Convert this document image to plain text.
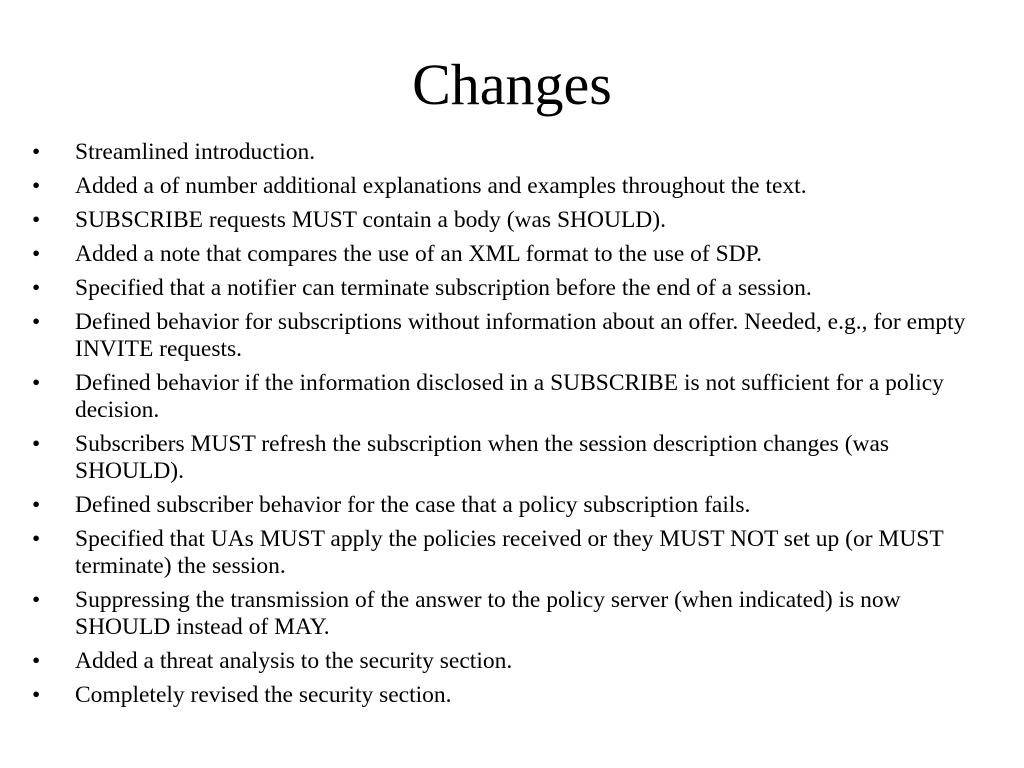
Changes
• Streamlined introduction.
• Added a of number additional explanations and examples throughout the text.
• SUBSCRIBE requests MUST contain a body (was SHOULD).
• Added a note that compares the use of an XML format to the use of SDP.
• Specified that a notifier can terminate subscription before the end of a session.
• Defined behavior for subscriptions without information about an offer. Needed, e.g., for empty INVITE requests.
• Defined behavior if the information disclosed in a SUBSCRIBE is not sufficient for a policy decision.
• Subscribers MUST refresh the subscription when the session description changes (was SHOULD).
• Defined subscriber behavior for the case that a policy subscription fails.
• Specified that UAs MUST apply the policies received or they MUST NOT set up (or MUST terminate) the session.
• Suppressing the transmission of the answer to the policy server (when indicated) is now SHOULD instead of MAY.
• Added a threat analysis to the security section.
• Completely revised the security section.
